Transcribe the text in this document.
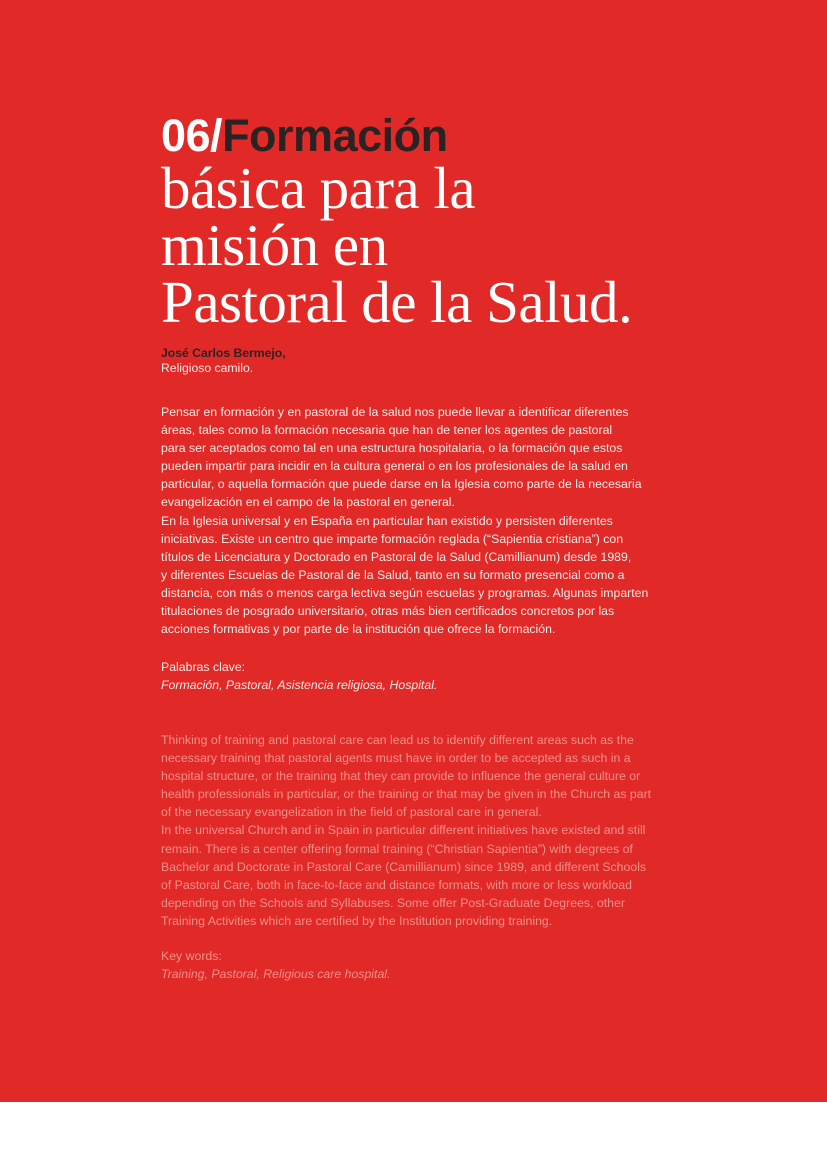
06/Formación
básica para la
misión en
Pastoral de la Salud.
José Carlos Bermejo,
Religioso camilo.
Pensar en formación y en pastoral de la salud nos puede llevar a identificar diferentes
áreas, tales como la formación necesaria que han de tener los agentes de pastoral
para ser aceptados como tal en una estructura hospitalaria, o la formación que estos
pueden impartir para incidir en la cultura general o en los profesionales de la salud en
particular, o aquella formación que puede darse en la Iglesia como parte de la necesaria
evangelización en el campo de la pastoral en general.
En la Iglesia universal y en España en particular han existido y persisten diferentes
iniciativas. Existe un centro que imparte formación reglada (“Sapientia cristiana”) con
títulos de Licenciatura y Doctorado en Pastoral de la Salud (Camillianum) desde 1989,
y diferentes Escuelas de Pastoral de la Salud, tanto en su formato presencial como a
distancia, con más o menos carga lectiva según escuelas y programas. Algunas imparten
titulaciones de posgrado universitario, otras más bien certificados concretos por las
acciones formativas y por parte de la institución que ofrece la formación.
Palabras clave:
Formación, Pastoral, Asistencia religiosa, Hospital.
Thinking of training and pastoral care can lead us to identify different areas such as the
necessary training that pastoral agents must have in order to be accepted as such in a
hospital structure, or the training that they can provide to influence the general culture or
health professionals in particular, or the training or that may be given in the Church as part
of the necessary evangelization in the field of pastoral care in general.
In the universal Church and in Spain in particular different initiatives have existed and still
remain. There is a center offering formal training (“Christian Sapientia”) with degrees of
Bachelor and Doctorate in Pastoral Care (Camillianum) since 1989, and different Schools
of Pastoral Care, both in face-to-face and distance formats, with more or less workload
depending on the Schools and Syllabuses. Some offer Post-Graduate Degrees, other
Training Activities which are certified by the Institution providing training.
Key words:
Training, Pastoral, Religious care hospital.
